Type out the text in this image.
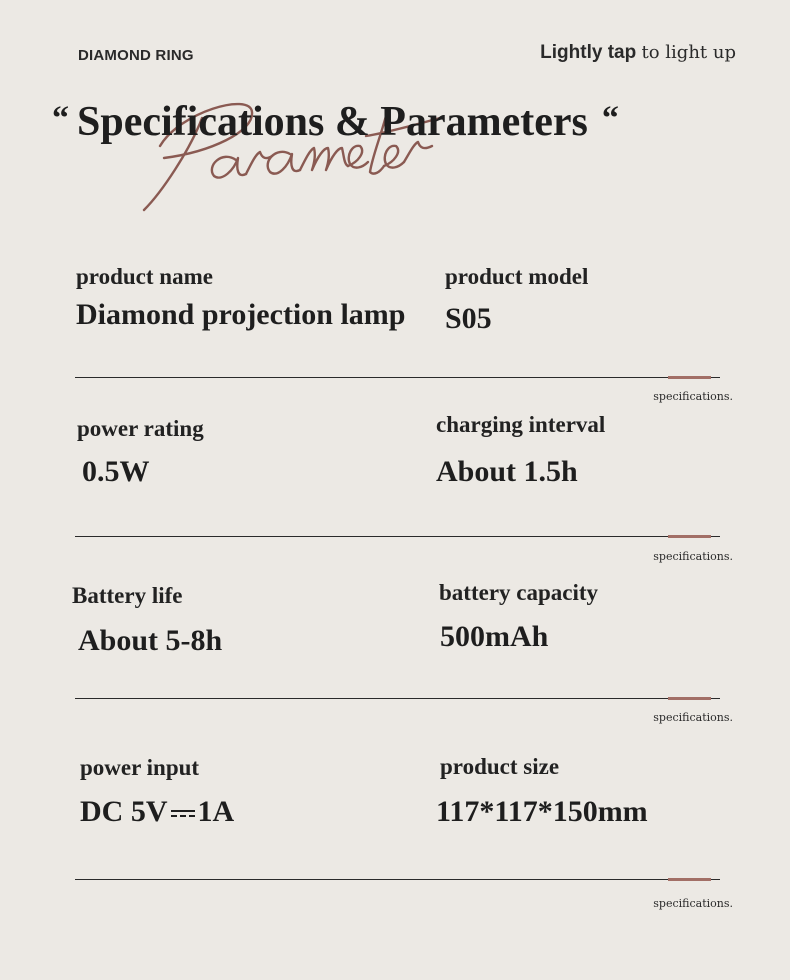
DIAMOND RING	Lightly tap to light up
“ Specifications & Parameters “
product name
Diamond projection lamp
product model
S05
specifications.
power rating
0.5W
charging interval
About 1.5h
specifications.
Battery life
About 5-8h
battery capacity
500mAh
specifications.
power input
DC 5V 1A
product size
117*117*150mm
specifications.
